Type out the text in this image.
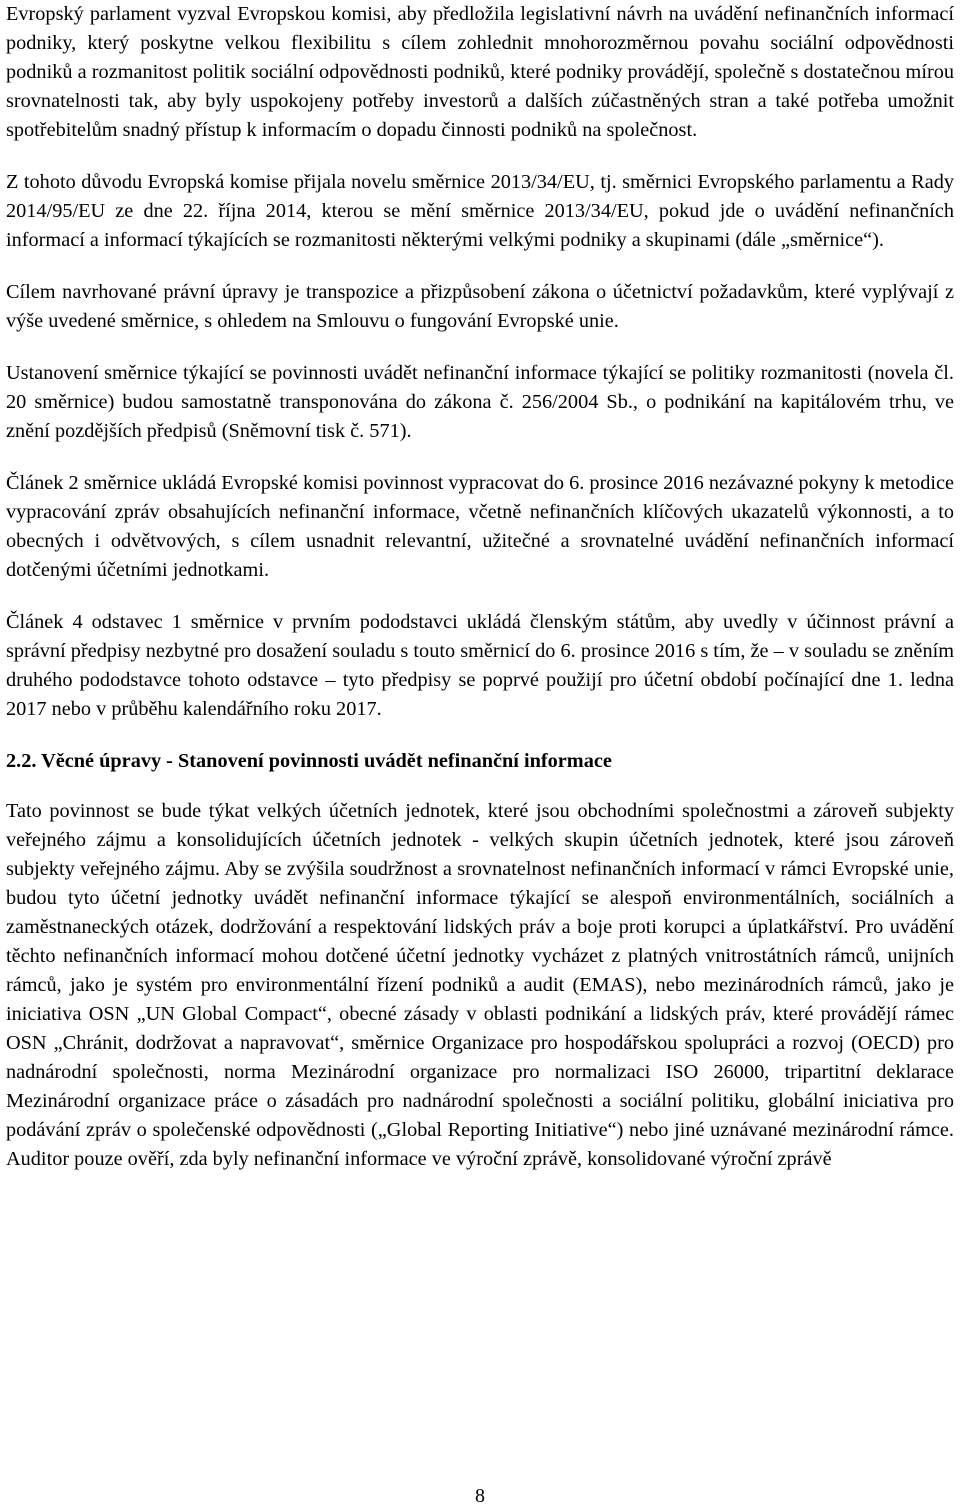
Evropský parlament vyzval Evropskou komisi, aby předložila legislativní návrh na uvádění nefinančních informací podniky, který poskytne velkou flexibilitu s cílem zohlednit mnohorozměrnou povahu sociální odpovědnosti podniků a rozmanitost politik sociální odpovědnosti podniků, které podniky provádějí, společně s dostatečnou mírou srovnatelnosti tak, aby byly uspokojeny potřeby investorů a dalších zúčastněných stran a také potřeba umožnit spotřebitelům snadný přístup k informacím o dopadu činnosti podniků na společnost.

Z tohoto důvodu Evropská komise přijala novelu směrnice 2013/34/EU, tj. směrnici Evropského parlamentu a Rady 2014/95/EU ze dne 22. října 2014, kterou se mění směrnice 2013/34/EU, pokud jde o uvádění nefinančních informací a informací týkajících se rozmanitosti některými velkými podniky a skupinami (dále „směrnice“).

Cílem navrhované právní úpravy je transpozice a přizpůsobení zákona o účetnictví požadavkům, které vyplývají z výše uvedené směrnice, s ohledem na Smlouvu o fungování Evropské unie.

Ustanovení směrnice týkající se povinnosti uvádět nefinanční informace týkající se politiky rozmanitosti (novela čl. 20 směrnice) budou samostatně transponována do zákona č. 256/2004 Sb., o podnikání na kapitálovém trhu, ve znění pozdějších předpisů (Sněmovní tisk č. 571).

Článek 2 směrnice ukládá Evropské komisi povinnost vypracovat do 6. prosince 2016 nezávazné pokyny k metodice vypracování zpráv obsahujících nefinanční informace, včetně nefinančních klíčových ukazatelů výkonnosti, a to obecných i odvětvových, s cílem usnadnit relevantní, užitečné a srovnatelné uvádění nefinančních informací dotčenými účetními jednotkami.

Článek 4 odstavec 1 směrnice v prvním pododstavci ukládá členským státům, aby uvedly v účinnost právní a správní předpisy nezbytné pro dosažení souladu s touto směrnicí do 6. prosince 2016 s tím, že – v souladu se zněním druhého pododstavce tohoto odstavce – tyto předpisy se poprvé použijí pro účetní období počínající dne 1. ledna 2017 nebo v průběhu kalendářního roku 2017.

2.2. Věcné úpravy - Stanovení povinnosti uvádět nefinanční informace

Tato povinnost se bude týkat velkých účetních jednotek, které jsou obchodními společnostmi a zároveň subjekty veřejného zájmu a konsolidujících účetních jednotek - velkých skupin účetních jednotek, které jsou zároveň subjekty veřejného zájmu. Aby se zvýšila soudržnost a srovnatelnost nefinančních informací v rámci Evropské unie, budou tyto účetní jednotky uvádět nefinanční informace týkající se alespoň environmentálních, sociálních a zaměstnaneckých otázek, dodržování a respektování lidských práv a boje proti korupci a úplatkářství. Pro uvádění těchto nefinančních informací mohou dotčené účetní jednotky vycházet z platných vnitrostátních rámců, unijních rámců, jako je systém pro environmentální řízení podniků a audit (EMAS), nebo mezinárodních rámců, jako je iniciativa OSN „UN Global Compact“, obecné zásady v oblasti podnikání a lidských práv, které provádějí rámec OSN „Chránit, dodržovat a napravovat“, směrnice Organizace pro hospodářskou spolupráci a rozvoj (OECD) pro nadnárodní společnosti, norma Mezinárodní organizace pro normalizaci ISO 26000, tripartitní deklarace Mezinárodní organizace práce o zásadách pro nadnárodní společnosti a sociální politiku, globální iniciativa pro podávání zpráv o společenské odpovědnosti („Global Reporting Initiative“) nebo jiné uznávané mezinárodní rámce. Auditor pouze ověří, zda byly nefinanční informace ve výroční zprávě, konsolidované výroční zprávě

8
